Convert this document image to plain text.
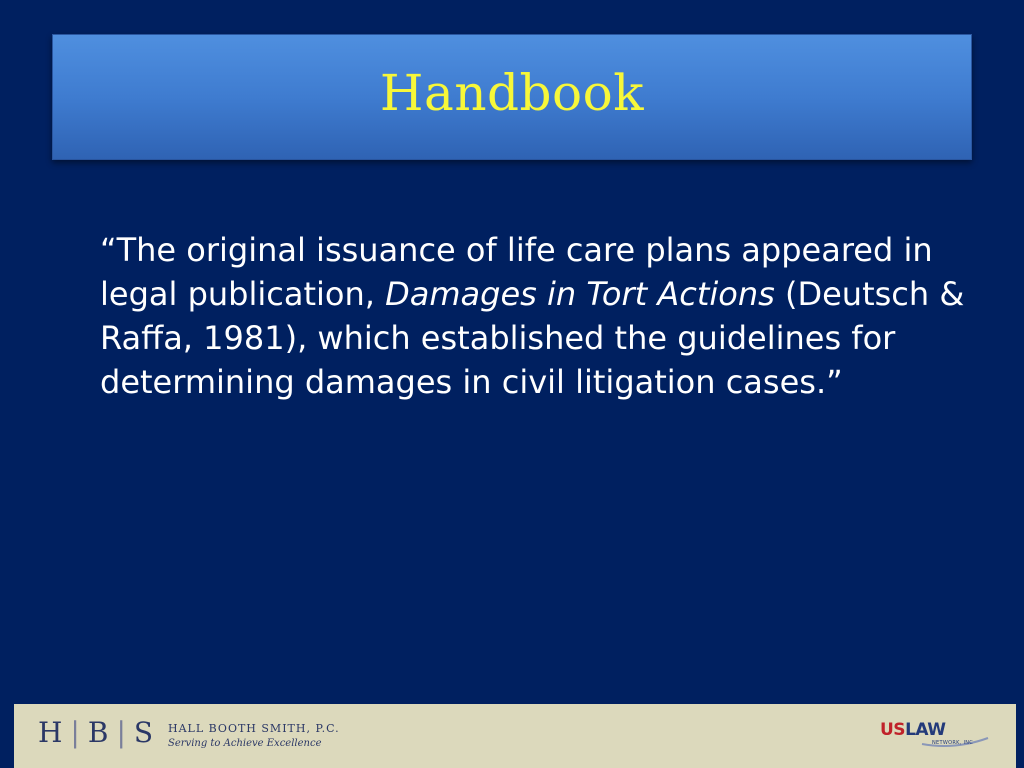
Handbook
“The original issuance of life care plans appeared in legal publication, Damages in Tort Actions (Deutsch & Raffa, 1981), which established the guidelines for determining damages in civil litigation cases.”
H | B | S HALL BOOTH SMITH, P.C.
Serving to Achieve Excellence
USLAW
NETWORK, INC
